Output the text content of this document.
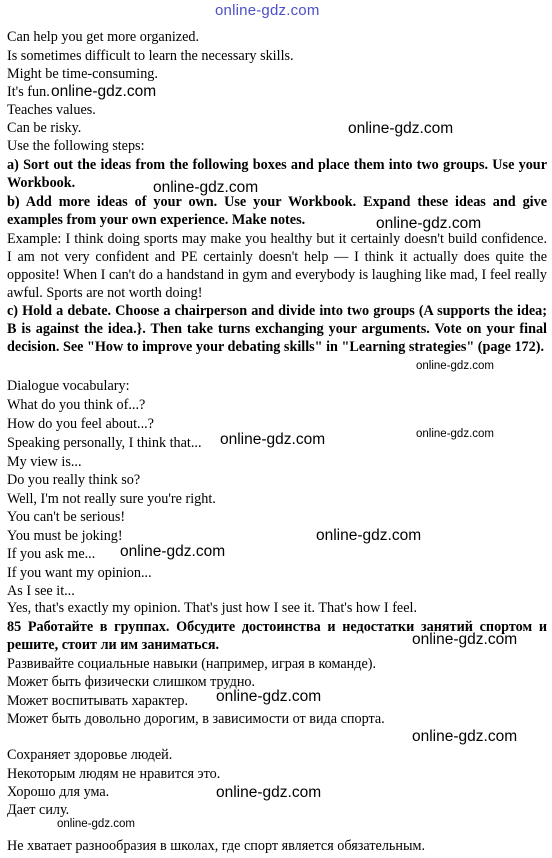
online-gdz.com
Can help you get more organized.
Is sometimes difficult to learn the necessary skills.
Might be time-consuming.
It's fun.
Teaches values.
Can be risky.
Use the following steps:
a) Sort out the ideas from the following boxes and place them into two groups. Use your Workbook.
b) Add more ideas of your own. Use your Workbook. Expand these ideas and give examples from your own experience. Make notes.
Example: I think doing sports may make you healthy but it certainly doesn't build confidence. I am not very confident and PE certainly doesn't help — I think it actually does quite the opposite! When I can't do a handstand in gym and everybody is laughing like mad, I feel really awful. Sports are not worth doing!
c) Hold a debate. Choose a chairperson and divide into two groups (A supports the idea; B is against the idea.}. Then take turns exchanging your arguments. Vote on your final decision. See "How to improve your debating skills" in "Learning strategies" (page 172).
Dialogue vocabulary:
What do you think of...?
How do you feel about...?
Speaking personally, I think that...
My view is...
Do you really think so?
Well, I'm not really sure you're right.
You can't be serious!
You must be joking!
If you ask me...
If you want my opinion...
As I see it...
Yes, that's exactly my opinion. That's just how I see it. That's how I feel.
85 Работайте в группах. Обсудите достоинства и недостатки занятий спортом и решите, стоит ли им заниматься.
Развивайте социальные навыки (например, играя в команде).
Может быть физически слишком трудно.
Может воспитывать характер.
Может быть довольно дорогим, в зависимости от вида спорта.
Сохраняет здоровье людей.
Некоторым людям не нравится это.
Хорошо для ума.
Дает силу.
Не хватает разнообразия в школах, где спорт является обязательным.
online-gdz.com
online-gdz.com
online-gdz.com
online-gdz.com
online-gdz.com
online-gdz.com
online-gdz.com
online-gdz.com
online-gdz.com
online-gdz.com
online-gdz.com
online-gdz.com
online-gdz.com
online-gdz.com
